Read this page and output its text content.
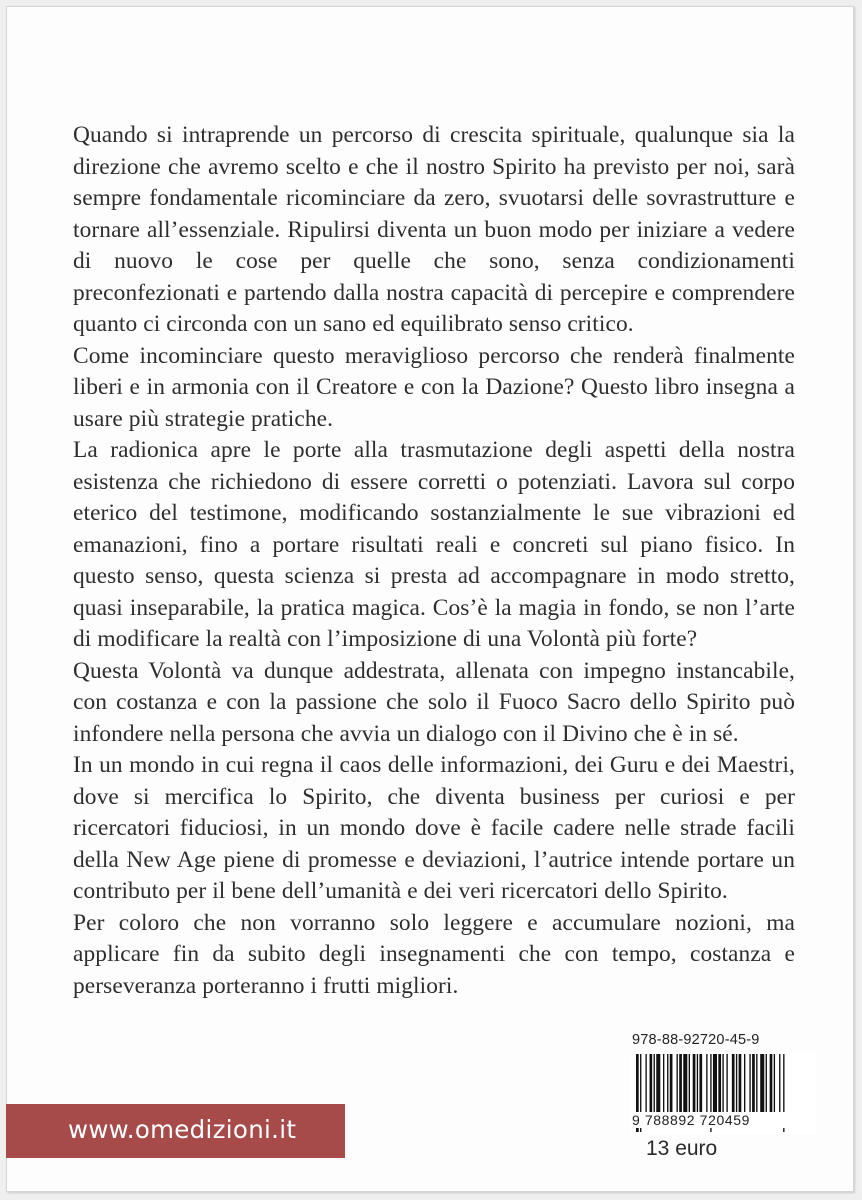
Quando si intraprende un percorso di crescita spirituale, qualunque sia la direzione che avremo scelto e che il nostro Spirito ha previsto per noi, sarà sempre fondamentale ricominciare da zero, svuotarsi delle sovrastrutture e tornare all’essenziale. Ripulirsi diventa un buon modo per iniziare a vedere di nuovo le cose per quelle che sono, senza condizionamenti preconfezionati e partendo dalla nostra capacità di percepire e comprendere quanto ci circonda con un sano ed equilibrato senso critico.

Come incominciare questo meraviglioso percorso che renderà finalmente liberi e in armonia con il Creatore e con la Dazione? Questo libro insegna a usare più strategie pratiche.

La radionica apre le porte alla trasmutazione degli aspetti della nostra esistenza che richiedono di essere corretti o potenziati. Lavora sul corpo eterico del testimone, modificando sostanzialmente le sue vibrazioni ed emanazioni, fino a portare risultati reali e concreti sul piano fisico. In questo senso, questa scienza si presta ad accompagnare in modo stretto, quasi inseparabile, la pratica magica. Cos’è la magia in fondo, se non l’arte di modificare la realtà con l’imposizione di una Volontà più forte?

Questa Volontà va dunque addestrata, allenata con impegno instancabile, con costanza e con la passione che solo il Fuoco Sacro dello Spirito può infondere nella persona che avvia un dialogo con il Divino che è in sé.

In un mondo in cui regna il caos delle informazioni, dei Guru e dei Maestri, dove si mercifica lo Spirito, che diventa business per curiosi e per ricercatori fiduciosi, in un mondo dove è facile cadere nelle strade facili della New Age piene di promesse e deviazioni, l’autrice intende portare un contributo per il bene dell’umanità e dei veri ricercatori dello Spirito.

Per coloro che non vorranno solo leggere e accumulare nozioni, ma applicare fin da subito degli insegnamenti che con tempo, costanza e perseveranza porteranno i frutti migliori.

www.omedizioni.it
978-88-92720-45-9
9 788892 720459
13 euro
